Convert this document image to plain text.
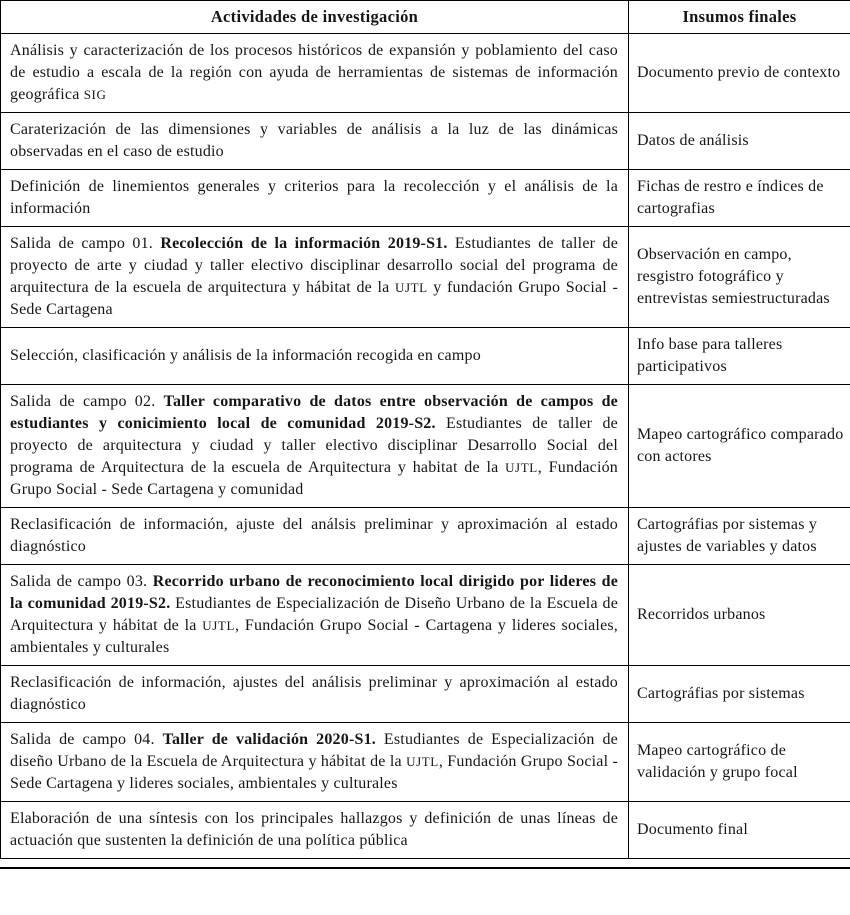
Actividades de investigación	Insumos finales
Análisis y caracterización de los procesos históricos de expansión y poblamiento del caso de estudio a escala de la región con ayuda de herramientas de sistemas de información geográfica SIG	Documento previo de contexto
Caraterización de las dimensiones y variables de análisis a la luz de las dinámicas observadas en el caso de estudio	Datos de análisis
Definición de linemientos generales y criterios para la recolección y el análisis de la información	Fichas de restro e índices de cartografias
Salida de campo 01. Recolección de la información 2019-S1. Estudiantes de taller de proyecto de arte y ciudad y taller electivo disciplinar desarrollo social del programa de arquitectura de la escuela de arquitectura y hábitat de la UJTL y fundación Grupo Social - Sede Cartagena	Observación en campo, resgistro fotográfico y entrevistas semiestructuradas
Selección, clasificación y análisis de la información recogida en campo	Info base para talleres participativos
Salida de campo 02. Taller comparativo de datos entre observación de campos de estudiantes y conicimiento local de comunidad 2019-S2. Estudiantes de taller de proyecto de arquitectura y ciudad y taller electivo disciplinar Desarrollo Social del programa de Arquitectura de la escuela de Arquitectura y habitat de la UJTL, Fundación Grupo Social - Sede Cartagena y comunidad	Mapeo cartográfico comparado con actores
Reclasificación de información, ajuste del análsis preliminar y aproximación al estado diagnóstico	Cartográfias por sistemas y ajustes de variables y datos
Salida de campo 03. Recorrido urbano de reconocimiento local dirigido por lideres de la comunidad 2019-S2. Estudiantes de Especialización de Diseño Urbano de la Escuela de Arquitectura y hábitat de la UJTL, Fundación Grupo Social - Cartagena y lideres sociales, ambientales y culturales	Recorridos urbanos
Reclasificación de información, ajustes del análisis preliminar y aproximación al estado diagnóstico	Cartográfias por sistemas
Salida de campo 04. Taller de validación 2020-S1. Estudiantes de Especialización de diseño Urbano de la Escuela de Arquitectura y hábitat de la UJTL, Fundación Grupo Social - Sede Cartagena y lideres sociales, ambientales y culturales	Mapeo cartográfico de validación y grupo focal
Elaboración de una síntesis con los principales hallazgos y definición de unas líneas de actuación que sustenten la definición de una política pública	Documento final
